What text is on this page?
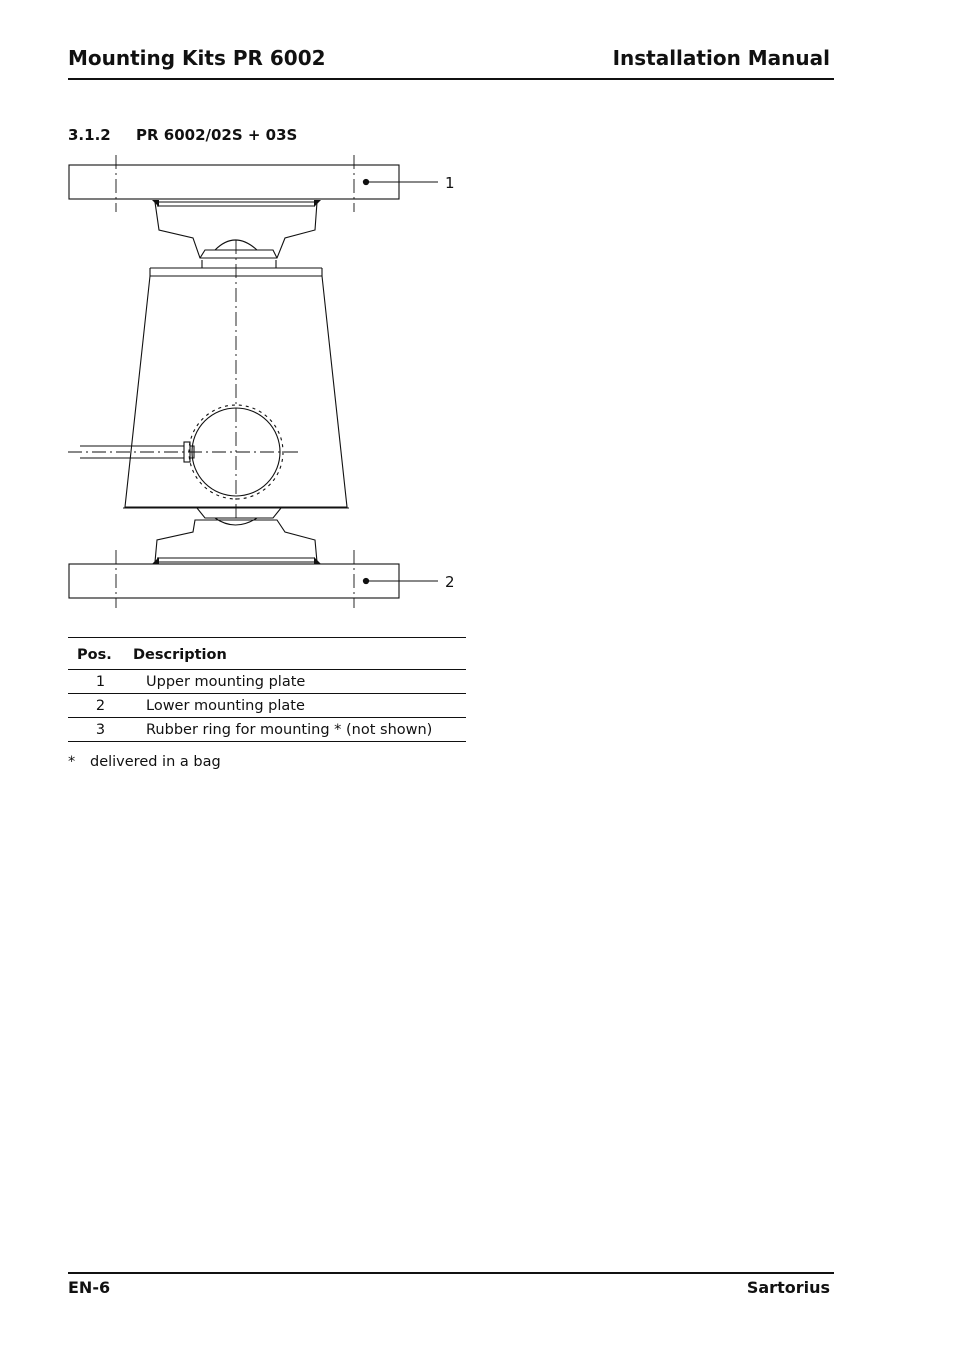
Mounting Kits PR 6002	Installation Manual
3.1.2 PR 6002/02S + 03S
1
2
Pos.	Description
1	Upper mounting plate
2	Lower mounting plate
3	Rubber ring for mounting * (not shown)
* delivered in a bag
EN-6	Sartorius
